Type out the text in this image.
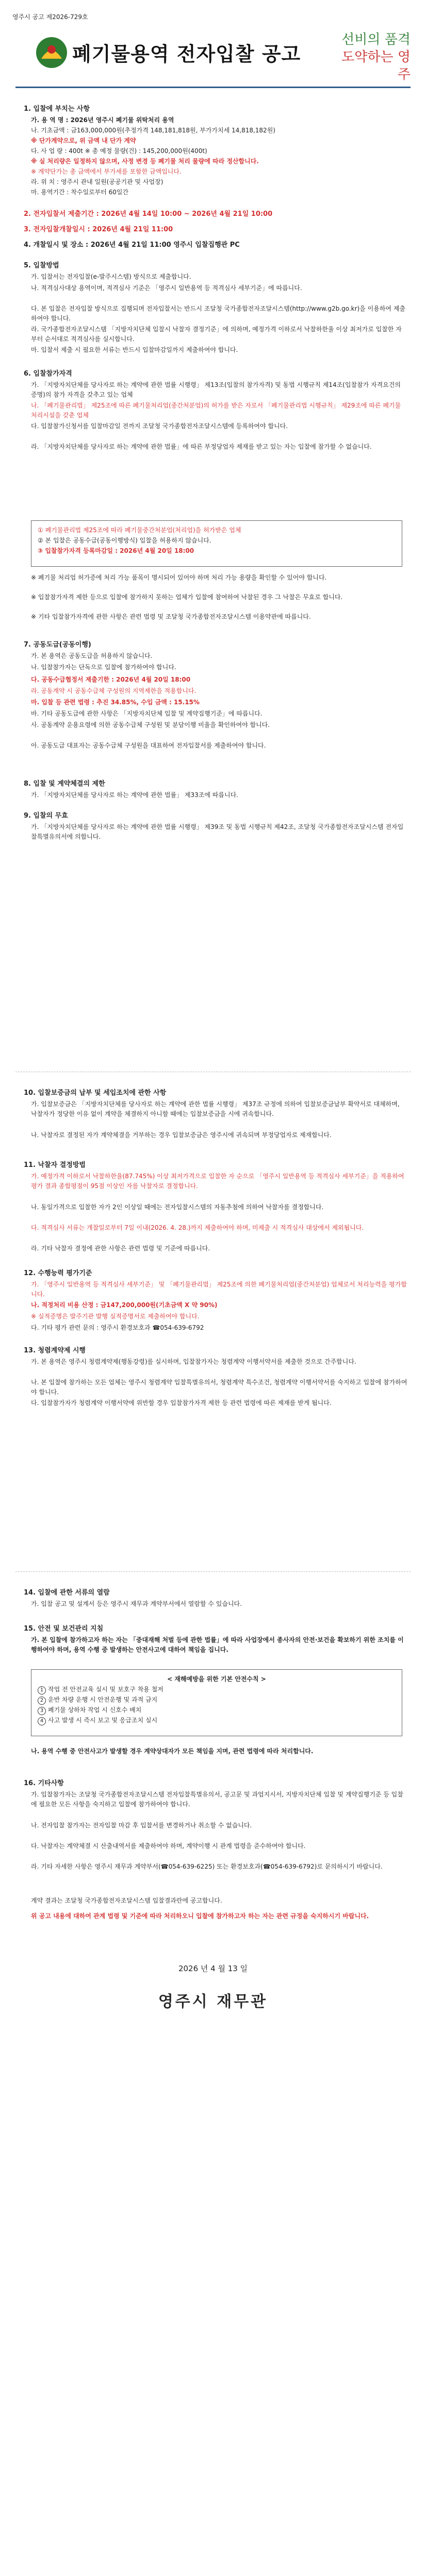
영주시 공고 제2026-729호
폐기물용역 전자입찰 공고
선비의 품격
도약하는 영주
1. 입찰에 부치는 사항
가. 용 역 명 : 2026년 영주시 폐기물 위탁처리 용역
나. 기초금액 : 금163,000,000원(추정가격 148,181,818원, 부가가치세 14,818,182원)
※ 단가계약으로, 위 금액 내 단가 계약
다. 사 업 량 : 400t ※ 총 예정 물량(건) : 145,200,000원(400t)
※ 실 처리량은 일정하지 않으며, 사정 변경 등 폐기물 처리 물량에 따라 정산합니다.
※ 계약단가는 총 금액에서 부가세를 포함한 금액입니다.
라. 위 치 : 영주시 관내 일원(공공기관 및 사업장)
마. 용역기간 : 착수일로부터 60일간
2. 전자입찰서 제출기간 : 2026년 4월 14일 10:00 ~ 2026년 4월 21일 10:00
3. 전자입찰개찰일시 : 2026년 4월 21일 11:00
4. 개찰일시 및 장소 : 2026년 4월 21일 11:00 영주시 입찰집행관 PC
5. 입찰방법
가. 입찰서는 전자입찰(e-발주시스템) 방식으로 제출합니다.
나. 적격심사대상 용역이며, 적격심사 기준은 「영주시 일반용역 등 적격심사 세부기준」에 따릅니다.
다. 본 입찰은 전자입찰 방식으로 집행되며 전자입찰서는 반드시 조달청 국가종합전자조달시스템(http://www.g2b.go.kr)을 이용하여 제출하여야 합니다.
라. 국가종합전자조달시스템 「지방자치단체 입찰시 낙찰자 결정기준」에 의하며, 예정가격 이하로서 낙찰하한율 이상 최저가로 입찰한 자부터 순서대로 적격심사를 실시합니다.
마. 입찰서 제출 시 필요한 서류는 반드시 입찰마감일까지 제출하여야 합니다.
6. 입찰참가자격
가. 「지방자치단체를 당사자로 하는 계약에 관한 법률 시행령」 제13조(입찰의 참가자격) 및 동법 시행규칙 제14조(입찰참가 자격요건의 증명)의 참가 자격을 갖추고 있는 업체
나. 「폐기물관리법」 제25조에 따른 폐기물처리업(중간처분업)의 허가를 받은 자로서 「폐기물관리법 시행규칙」 제29조에 따른 폐기물 처리시설을 갖춘 업체
다. 입찰참가신청서를 입찰마감일 전까지 조달청 국가종합전자조달시스템에 등록하여야 합니다.
라. 「지방자치단체를 당사자로 하는 계약에 관한 법률」에 따른 부정당업자 제재를 받고 있는 자는 입찰에 참가할 수 없습니다.
① 폐기물관리법 제25조에 따라 폐기물중간처분업(처리업)을 허가받은 업체
② 본 입찰은 공동수급(공동이행방식) 입찰을 허용하지 않습니다.
③ 입찰참가자격 등록마감일 : 2026년 4월 20일 18:00
※ 폐기물 처리업 허가증에 처리 가능 품목이 명시되어 있어야 하며 처리 가능 용량을 확인할 수 있어야 합니다.
※ 입찰참가자격 제한 등으로 입찰에 참가하지 못하는 업체가 입찰에 참여하여 낙찰된 경우 그 낙찰은 무효로 합니다.
※ 기타 입찰참가자격에 관한 사항은 관련 법령 및 조달청 국가종합전자조달시스템 이용약관에 따릅니다.
7. 공동도급(공동이행)
가. 본 용역은 공동도급을 허용하지 않습니다.
나. 입찰참가자는 단독으로 입찰에 참가하여야 합니다.
다. 공동수급협정서 제출기한 : 2026년 4월 20일 18:00
라. 공동계약 시 공동수급체 구성원의 지역제한을 적용합니다.
마. 입찰 등 관련 법령 : 추진 34.85%, 수입 금액 : 15.15%
바. 기타 공동도급에 관한 사항은 「지방자치단체 입찰 및 계약집행기준」에 따릅니다.
사. 공동계약 운용요령에 의한 공동수급체 구성원 및 분담이행 비율을 확인하여야 합니다.
아. 공동도급 대표자는 공동수급체 구성원을 대표하여 전자입찰서를 제출하여야 합니다.
8. 입찰 및 계약체결의 제한
가. 「지방자치단체를 당사자로 하는 계약에 관한 법률」 제33조에 따릅니다.
9. 입찰의 무효
가. 「지방자치단체를 당사자로 하는 계약에 관한 법률 시행령」 제39조 및 동법 시행규칙 제42조, 조달청 국가종합전자조달시스템 전자입찰특별유의서에 의합니다.
10. 입찰보증금의 납부 및 세입조치에 관한 사항
가. 입찰보증금은 「지방자치단체를 당사자로 하는 계약에 관한 법률 시행령」 제37조 규정에 의하여 입찰보증금납부 확약서로 대체하며, 낙찰자가 정당한 이유 없이 계약을 체결하지 아니할 때에는 입찰보증금을 시에 귀속합니다.
나. 낙찰자로 결정된 자가 계약체결을 거부하는 경우 입찰보증금은 영주시에 귀속되며 부정당업자로 제재합니다.
11. 낙찰자 결정방법
가. 예정가격 이하로서 낙찰하한율(87.745%) 이상 최저가격으로 입찰한 자 순으로 「영주시 일반용역 등 적격심사 세부기준」을 적용하여 평가 결과 종합평점이 95점 이상인 자를 낙찰자로 결정합니다.
나. 동일가격으로 입찰한 자가 2인 이상일 때에는 전자입찰시스템의 자동추첨에 의하여 낙찰자를 결정합니다.
다. 적격심사 서류는 개찰일로부터 7일 이내(2026. 4. 28.)까지 제출하여야 하며, 미제출 시 적격심사 대상에서 제외됩니다.
라. 기타 낙찰자 결정에 관한 사항은 관련 법령 및 기준에 따릅니다.
12. 수행능력 평가기준
가. 「영주시 일반용역 등 적격심사 세부기준」 및 「폐기물관리법」 제25조에 의한 폐기물처리업(중간처분업) 업체로서 처리능력을 평가합니다.
나. 적정처리 비용 산정 : 금147,200,000원(기초금액 X 약 90%)
※ 실적증명은 발주기관 발행 실적증명서로 제출하여야 합니다.
다. 기타 평가 관련 문의 : 영주시 환경보호과 ☎054-639-6792
13. 청렴계약제 시행
가. 본 용역은 영주시 청렴계약제(행동강령)를 실시하며, 입찰참가자는 청렴계약 이행서약서를 제출한 것으로 간주합니다.
나. 본 입찰에 참가하는 모든 업체는 영주시 청렴계약 입찰특별유의서, 청렴계약 특수조건, 청렴계약 이행서약서를 숙지하고 입찰에 참가하여야 합니다.
다. 입찰참가자가 청렴계약 이행서약에 위반할 경우 입찰참가자격 제한 등 관련 법령에 따른 제재를 받게 됩니다.
14. 입찰에 관한 서류의 열람
가. 입찰 공고 및 설계서 등은 영주시 재무과 계약부서에서 열람할 수 있습니다.
15. 안전 및 보건관리 지침
가. 본 입찰에 참가하고자 하는 자는 「중대재해 처벌 등에 관한 법률」에 따라 사업장에서 종사자의 안전·보건을 확보하기 위한 조치를 이행하여야 하며, 용역 수행 중 발생하는 안전사고에 대하여 책임을 집니다.
< 재해예방을 위한 기본 안전수칙 >
1 작업 전 안전교육 실시 및 보호구 착용 철저
2 운반 차량 운행 시 안전운행 및 과적 금지
3 폐기물 상하차 작업 시 신호수 배치
4 사고 발생 시 즉시 보고 및 응급조치 실시
나. 용역 수행 중 안전사고가 발생할 경우 계약상대자가 모든 책임을 지며, 관련 법령에 따라 처리합니다.
16. 기타사항
가. 입찰참가자는 조달청 국가종합전자조달시스템 전자입찰특별유의서, 공고문 및 과업지시서, 지방자치단체 입찰 및 계약집행기준 등 입찰에 필요한 모든 사항을 숙지하고 입찰에 참가하여야 합니다.
나. 전자입찰 참가자는 전자입찰 마감 후 입찰서를 변경하거나 취소할 수 없습니다.
다. 낙찰자는 계약체결 시 산출내역서를 제출하여야 하며, 계약이행 시 관계 법령을 준수하여야 합니다.
라. 기타 자세한 사항은 영주시 재무과 계약부서(☎054-639-6225) 또는 환경보호과(☎054-639-6792)로 문의하시기 바랍니다.
계약 결과는 조달청 국가종합전자조달시스템 입찰결과란에 공고합니다.
위 공고 내용에 대하여 관계 법령 및 기준에 따라 처리하오니 입찰에 참가하고자 하는 자는 관련 규정을 숙지하시기 바랍니다.
2026 년 4 월 13 일
영주시 재무관
